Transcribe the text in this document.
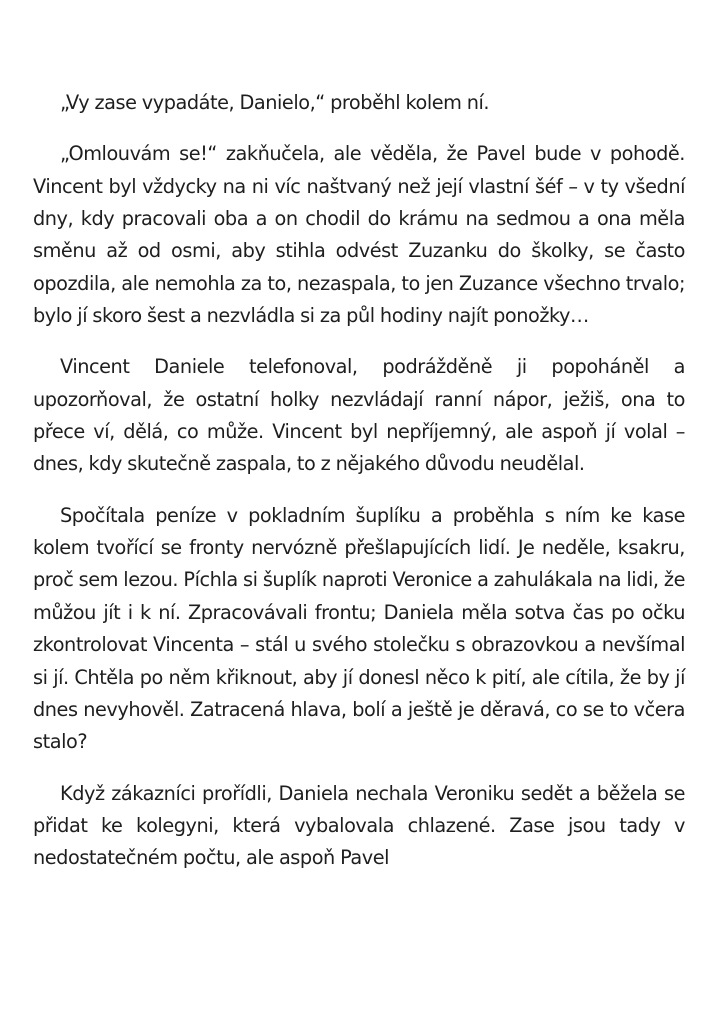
„Vy zase vypadáte, Danielo,“ proběhl kolem ní.

„Omlouvám se!“ zakňučela, ale věděla, že Pavel bude v pohodě. Vincent byl vždycky na ni víc naštvaný než její vlastní šéf – v ty všední dny, kdy pracovali oba a on chodil do krámu na sedmou a ona měla směnu až od osmi, aby stihla odvést Zuzanku do školky, se často opozdila, ale nemohla za to, nezaspala, to jen Zuzance všechno trvalo; bylo jí skoro šest a nezvládla si za půl hodiny najít ponožky…

Vincent Daniele telefonoval, podrážděně ji popoháněl a upozorňoval, že ostatní holky nezvládají ranní nápor, ježiš, ona to přece ví, dělá, co může. Vincent byl nepříjemný, ale aspoň jí volal – dnes, kdy skutečně zaspala, to z nějakého důvodu neudělal.

Spočítala peníze v pokladním šuplíku a proběhla s ním ke kase kolem tvořící se fronty nervózně přešlapujících lidí. Je neděle, ksakru, proč sem lezou. Píchla si šuplík naproti Veronice a zahulákala na lidi, že můžou jít i k ní. Zpracovávali frontu; Daniela měla sotva čas po očku zkontrolovat Vincenta – stál u svého stolečku s obrazovkou a nevšímal si jí. Chtěla po něm křiknout, aby jí donesl něco k pití, ale cítila, že by jí dnes nevyhověl. Zatracená hlava, bolí a ještě je děravá, co se to včera stalo?

Když zákazníci prořídli, Daniela nechala Veroniku sedět a běžela se přidat ke kolegyni, která vybalovala chlazené. Zase jsou tady v nedostatečném počtu, ale aspoň Pavel
